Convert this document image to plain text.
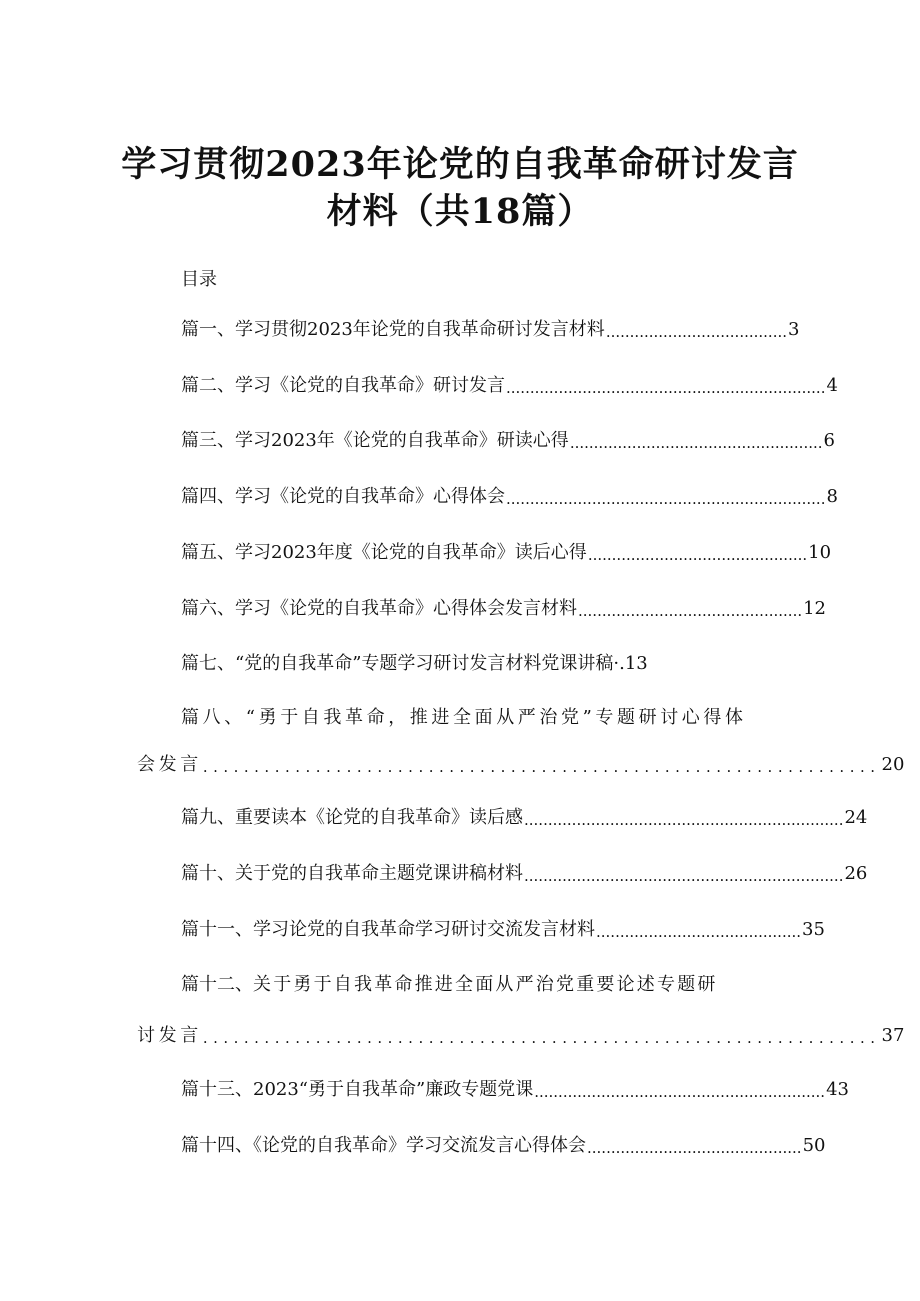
学习贯彻2023年论党的自我革命研讨发言
材料（共18篇）
目录
篇一、学习贯彻2023年论党的自我革命研讨发言材料 ...................................... 3
篇二、学习《论党的自我革命》研讨发言 ................................................................... 4
篇三、学习2023年《论党的自我革命》研读心得 ..................................................... 6
篇四、学习《论党的自我革命》心得体会 ................................................................... 8
篇五、学习2023年度《论党的自我革命》读后心得 .............................................. 10
篇六、学习《论党的自我革命》心得体会发言材料 ............................................... 12
篇七、“党的自我革命”专题学习研讨发言材料党课讲稿 ·. 13
篇八、“勇于自我革命，推进全面从严治党”专题研讨心得体
会发言 .................................................................. 20
篇九、重要读本《论党的自我革命》读后感 ................................................................... 24
篇十、关于党的自我革命主题党课讲稿材料 ................................................................... 26
篇十一、学习论党的自我革命学习研讨交流发言材料 ........................................... 35
篇十二、关于勇于自我革命推进全面从严治党重要论述专题研
讨发言 .................................................................. 37
篇十三、2023“勇于自我革命”廉政专题党课 ............................................................. 43
篇十四、《论党的自我革命》学习交流发言心得体会 ............................................. 50
